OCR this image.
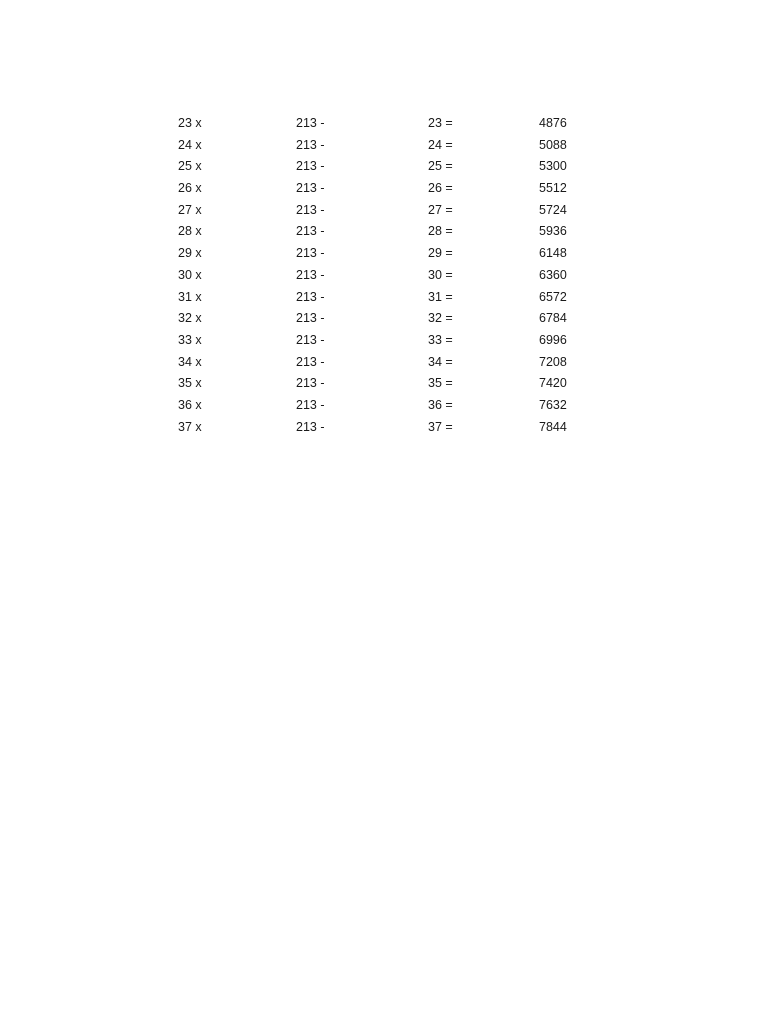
23 x	213 -	23 =	4876
24 x	213 -	24 =	5088
25 x	213 -	25 =	5300
26 x	213 -	26 =	5512
27 x	213 -	27 =	5724
28 x	213 -	28 =	5936
29 x	213 -	29 =	6148
30 x	213 -	30 =	6360
31 x	213 -	31 =	6572
32 x	213 -	32 =	6784
33 x	213 -	33 =	6996
34 x	213 -	34 =	7208
35 x	213 -	35 =	7420
36 x	213 -	36 =	7632
37 x	213 -	37 =	7844
